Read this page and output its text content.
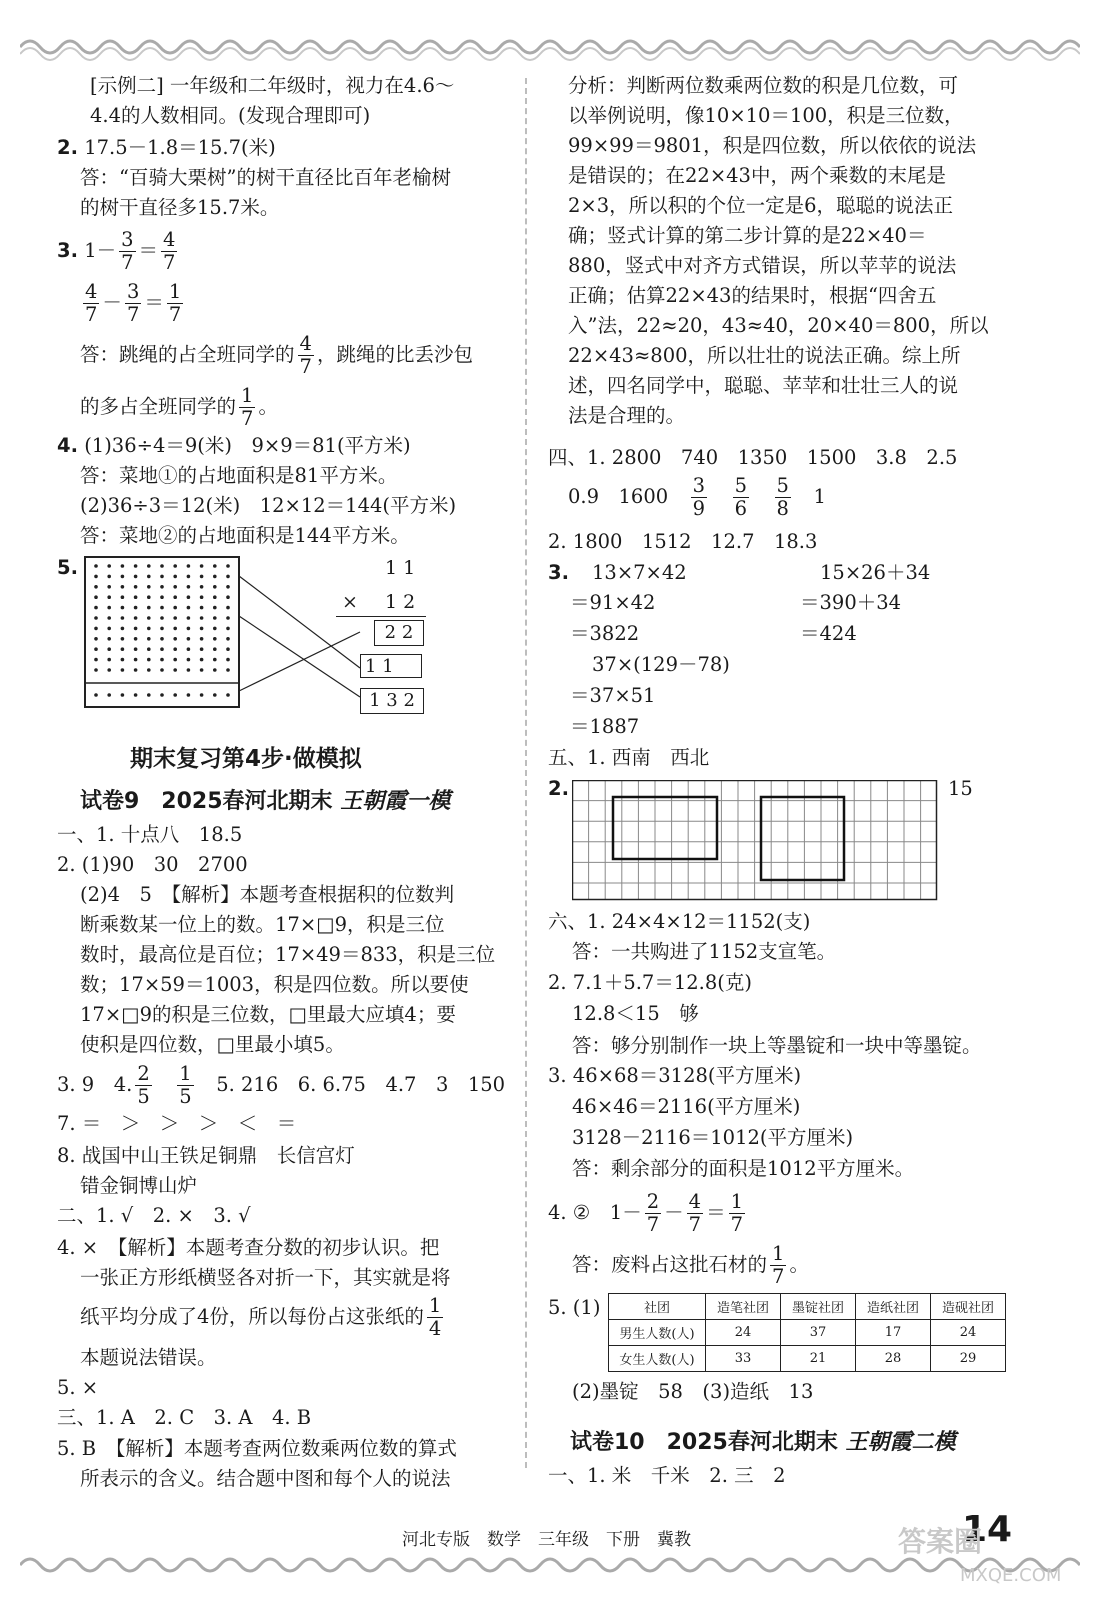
[示例二] 一年级和二年级时，视力在4.6～
4.4的人数相同。(发现合理即可)
2. 17.5－1.8＝15.7(米)
答：“百骑大栗树”的树干直径比百年老榆树
的树干直径多15.7米。
3. $1- \frac{3}{7} = \frac{4}{7}$
$\frac{4}{7} - \frac{3}{7} = \frac{1}{7}$
答：跳绳的占全班同学的 $\frac{4}{7}$ ，跳绳的比丢沙包
的多占全班同学的 $\frac{1}{7}$ 。
4. (1)36÷4＝9(米)　9×9＝81(平方米)
答：菜地①的占地面积是81平方米。
(2)36÷3＝12(米)　12×12＝144(平方米)
答：菜地②的占地面积是144平方米。
5.	1 1
× 1 2
2 2
1 1
1 3 2
期末复习第4步·做模拟
试卷9　2025春河北期末 王朝霞一模
一、1. 十点八　18.5
2. (1)90　30　2700
(2)4　5　【解析】本题考查根据积的位数判
断乘数某一位上的数。17×□9，积是三位
数时，最高位是百位；17×49＝833，积是三位
数；17×59＝1003，积是四位数。所以要使
17×□9的积是三位数，□里最大应填4；要
使积是四位数，□里最小填5。
3. 9　4. $\frac{2}{5}$
　 $\frac{1}{5}$
　 5. 216　6. 6.75　4.7　3　150
7. ＝　＞　＞　＞　＜　＝
8. 战国中山王铁足铜鼎　长信宫灯
错金铜博山炉
二、1. √　2. ×　3. √
4. ×　【解析】本题考查分数的初步认识。把
一张正方形纸横竖各对折一下，其实就是将
纸平均分成了4份，所以每份占这张纸的 $\frac{1}{4}$
本题说法错误。
5. ×
三、1. A　2. C　3. A　4. B
5. B　【解析】本题考查两位数乘两位数的算式
所表示的含义。结合题中图和每个人的说法
分析：判断两位数乘两位数的积是几位数，可
以举例说明，像10×10＝100，积是三位数，
99×99＝9801，积是四位数，所以依依的说法
是错误的；在22×43中，两个乘数的末尾是
2×3，所以积的个位一定是6，聪聪的说法正
确；竖式计算的第二步计算的是22×40＝
880，竖式中对齐方式错误，所以苹苹的说法
正确；估算22×43的结果时，根据“四舍五
入”法，22≈20，43≈40，20×40＝800，所以
22×43≈800，所以壮壮的说法正确。综上所
述，四名同学中，聪聪、苹苹和壮壮三人的说
法是合理的。
四、1. 2800　740　1350　1500　3.8　2.5
0.9　1600　 $\frac{3}{9}$
　 $\frac{5}{6}$
　 $\frac{5}{8}$
　 1
2. 1800　1512　12.7　18.3
3. 13×7×42
＝91×42
＝3822
15×26＋34
＝390＋34
＝424
37×(129－78)
＝37×51
＝1887
五、1. 西南　西北
2.	15
六、1. 24×4×12＝1152(支)
答：一共购进了1152支宣笔。
2. 7.1＋5.7＝12.8(克)
12.8＜15　够
答：够分别制作一块上等墨锭和一块中等墨锭。
3. 46×68＝3128(平方厘米)
46×46＝2116(平方厘米)
3128－2116＝1012(平方厘米)
答：剩余部分的面积是1012平方厘米。
4. ②　$1- \frac{2}{7} - \frac{4}{7} = \frac{1}{7}$
答：废料占这批石材的 $\frac{1}{7}$ 。
5. (1)	社团	造笔社团	墨锭社团	造纸社团	造砚社团
男生人数(人)	24	37	17	24
女生人数(人)	33	21	28	29
(2)墨锭　58　(3)造纸　13
试卷10　2025春河北期末 王朝霞二模
一、1. 米　千米　2. 三　2
河北专版　数学　三年级　下册　冀教	14
答案圈
MXQE.COM
